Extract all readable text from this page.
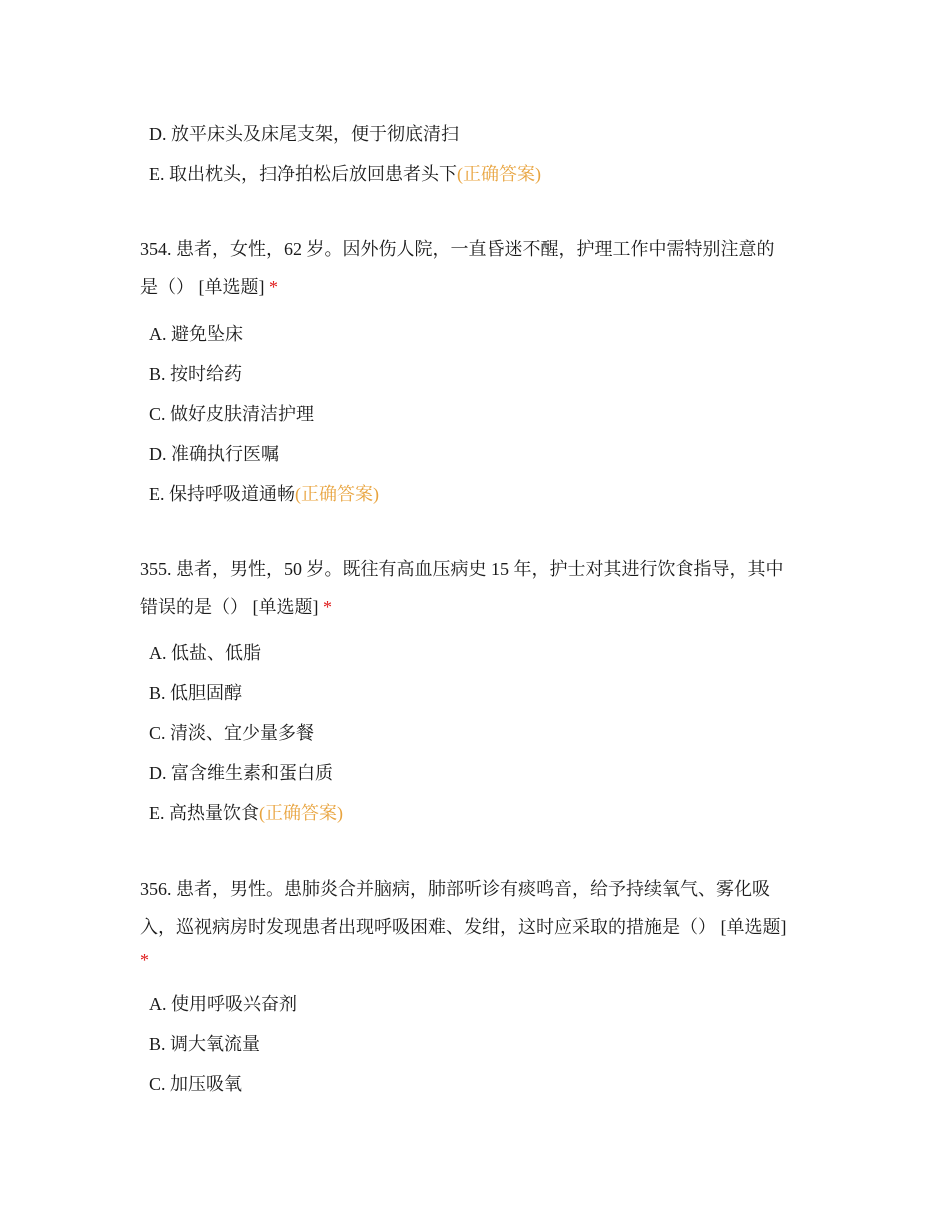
D. 放平床头及床尾支架，便于彻底清扫
E. 取出枕头，扫净拍松后放回患者头下(正确答案)
354. 患者，女性，62 岁。因外伤人院，一直昏迷不醒，护理工作中需特别注意的
是（） [单选题] *
A. 避免坠床
B. 按时给药
C. 做好皮肤清洁护理
D. 准确执行医嘱
E. 保持呼吸道通畅(正确答案)
355. 患者，男性，50 岁。既往有高血压病史 15 年，护士对其进行饮食指导，其中
错误的是（） [单选题] *
A. 低盐、低脂
B. 低胆固醇
C. 清淡、宜少量多餐
D. 富含维生素和蛋白质
E. 高热量饮食(正确答案)
356. 患者，男性。患肺炎合并脑病，肺部听诊有痰鸣音，给予持续氧气、雾化吸
入，巡视病房时发现患者出现呼吸困难、发绀，这时应采取的措施是（） [单选题]
*
A. 使用呼吸兴奋剂
B. 调大氧流量
C. 加压吸氧
